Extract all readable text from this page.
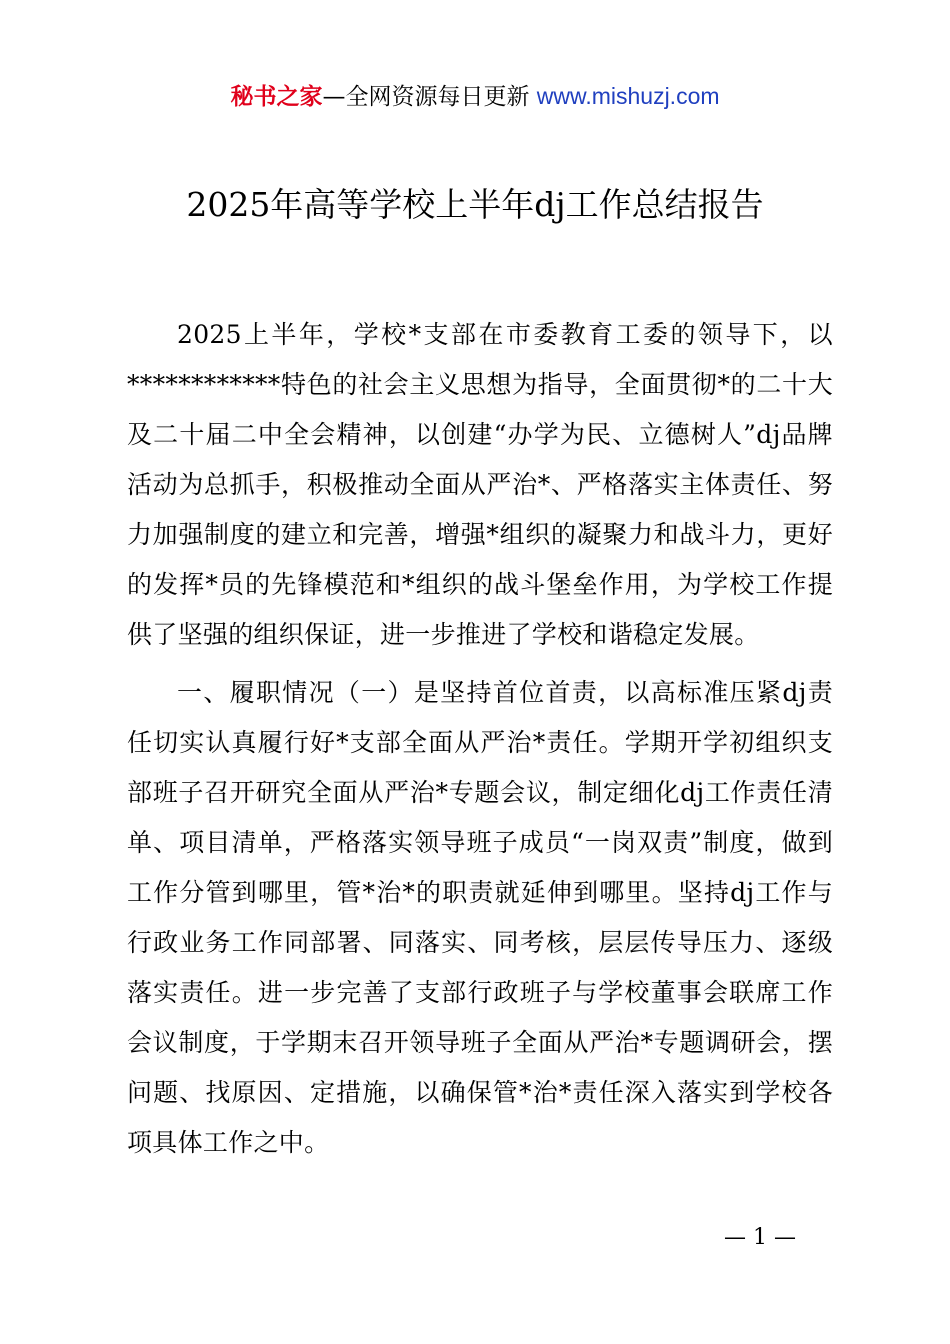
秘书之家—全网资源每日更新 www.mishuzj.com
2025年高等学校上半年dj工作总结报告

2025上半年，学校*支部在市委教育工委的领导下，以************特色的社会主义思想为指导，全面贯彻*的二十大及二十届二中全会精神，以创建“办学为民、立德树人”dj品牌活动为总抓手，积极推动全面从严治*、严格落实主体责任、努力加强制度的建立和完善，增强*组织的凝聚力和战斗力，更好的发挥*员的先锋模范和*组织的战斗堡垒作用，为学校工作提供了坚强的组织保证，进一步推进了学校和谐稳定发展。

一、履职情况（一）是坚持首位首责，以高标准压紧dj责任切实认真履行好*支部全面从严治*责任。学期开学初组织支部班子召开研究全面从严治*专题会议，制定细化dj工作责任清单、项目清单，严格落实领导班子成员“一岗双责”制度，做到工作分管到哪里，管*治*的职责就延伸到哪里。坚持dj工作与行政业务工作同部署、同落实、同考核，层层传导压力、逐级落实责任。进一步完善了支部行政班子与学校董事会联席工作会议制度，于学期末召开领导班子全面从严治*专题调研会，摆问题、找原因、定措施，以确保管*治*责任深入落实到学校各项具体工作之中。

— 1 —
